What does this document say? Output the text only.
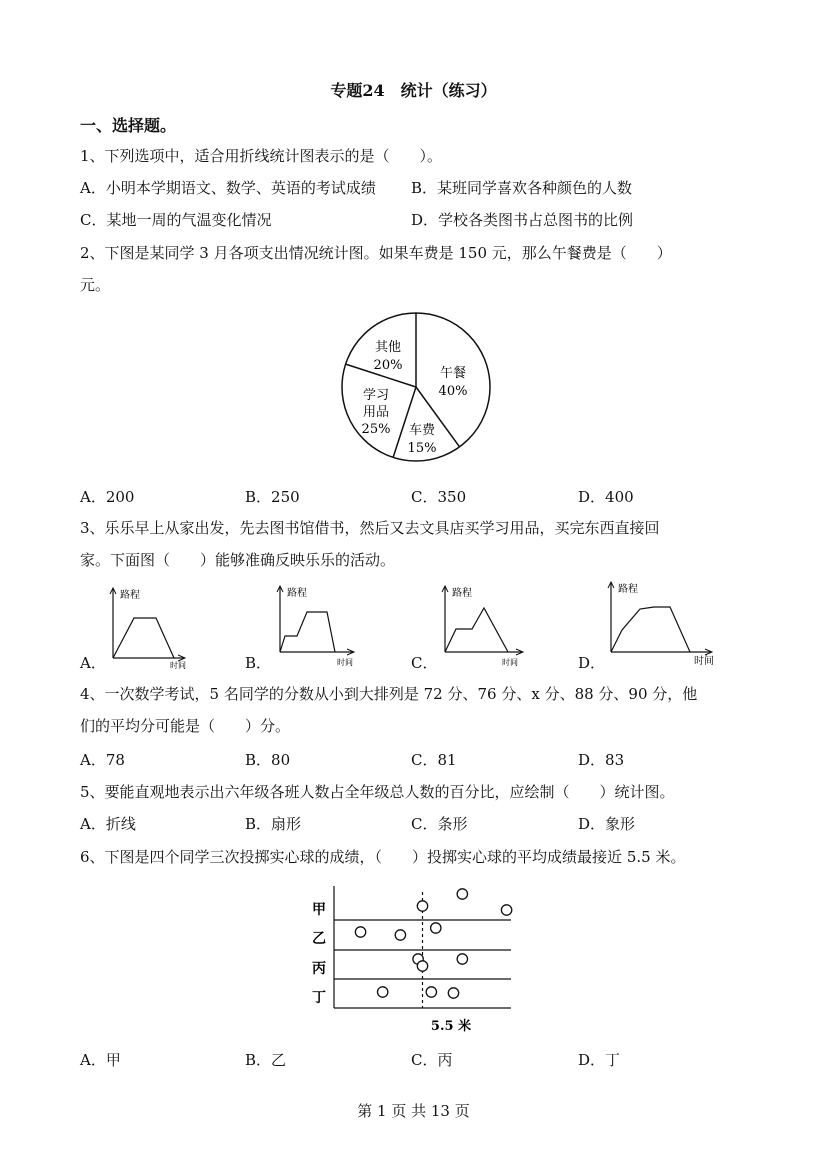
专题24　统计（练习）
一、选择题。
1、下列选项中，适合用折线统计图表示的是（　　）。
A．小明本学期语文、数学、英语的考试成绩 B．某班同学喜欢各种颜色的人数
C．某地一周的气温变化情况	D．学校各类图书占总图书的比例
2、下图是某同学 3 月各项支出情况统计图。如果车费是 150 元，那么午餐费是（　　）
元。
午餐
40%
车费
15%
学习
用品
25%
其他
20%
A．200	B．250	C．350	D．400
3、乐乐早上从家出发，先去图书馆借书，然后又去文具店买学习用品，买完东西直接回
家。下面图（　　）能够准确反映乐乐的活动。
A．	B．	C．	D．
路程
时间
路程
时间
路程
时间
路程
时间
4、一次数学考试，5 名同学的分数从小到大排列是 72 分、76 分、x 分、88 分、90 分，他
们的平均分可能是（　　）分。
A．78	B．80	C．81	D．83
5、要能直观地表示出六年级各班人数占全年级总人数的百分比，应绘制（　　）统计图。
A．折线	B．扇形	C．条形	D．象形
6、下图是四个同学三次投掷实心球的成绩，（　　）投掷实心球的平均成绩最接近 5.5 米。
甲
乙
丙
丁
5.5 米
A．甲	B．乙	C．丙	D．丁
第 1 页 共 13 页
